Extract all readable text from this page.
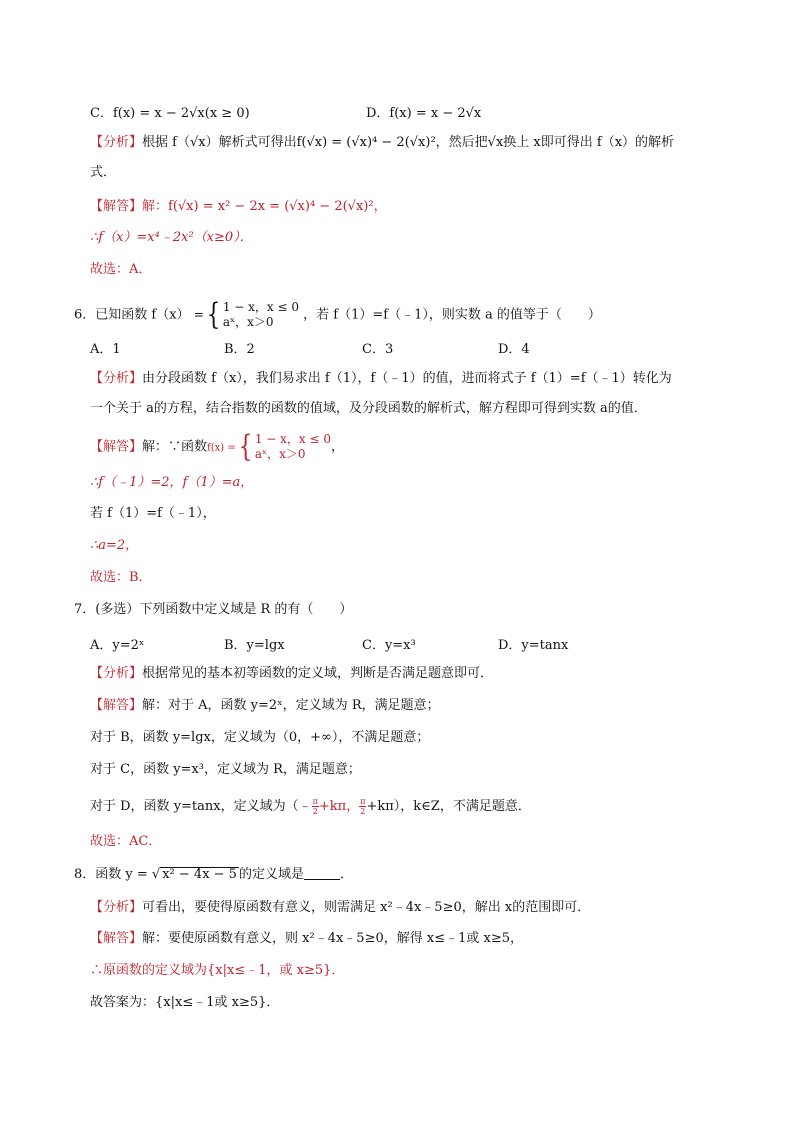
C．f(x) = x − 2√x(x ≥ 0)	D．f(x) = x − 2√x
【分析】根据 f（√x）解析式可得出f(√x) = (√x)⁴ − 2(√x)²，然后把√x换上 x即可得出 f（x）的解析
式．
【解答】解：f(√x) = x² − 2x = (√x)⁴ − 2(√x)²，
∴f（x）=x⁴﹣2x²（x≥0）．
故选：A．
6．已知函数 f（x） ={ 1 − x，x ≤ 0
aˣ，x＞0	，若 f（1）=f（﹣1），则实数 a 的值等于（　　）
A．1	B．2	C．3	D．4
【分析】由分段函数 f（x），我们易求出 f（1），f（﹣1）的值，进而将式子 f（1）=f（﹣1）转化为
一个关于 a的方程，结合指数的函数的值域，及分段函数的解析式，解方程即可得到实数 a的值．
【解答】解：∵函数f(x) ={ 1 − x，x ≤ 0
aˣ，x＞0	，
∴f（﹣1）=2，f（1）=a，
若 f（1）=f（﹣1），
∴a=2，
故选：B．
7．(多选）下列函数中定义域是 R 的有（　　）
A．y=2ˣ	B．y=lgx	C．y=x³	D．y=tanx
【分析】根据常见的基本初等函数的定义域，判断是否满足题意即可．
【解答】解：对于 A，函数 y=2ˣ，定义域为 R，满足题意；
对于 B，函数 y=lgx，定义域为（0，+∞），不满足题意；
对于 C，函数 y=x³，定义域为 R，满足题意；
对于 D，函数 y=tanx，定义域为（﹣ $\frac{\pi}{2} +k\pi$， $\frac{\pi}{2} +k\pi$），k∈Z，不满足题意．
故选：AC．
8．函数 y = √ x² − 4x − 5 的定义域是	．
【分析】可看出，要使得原函数有意义，则需满足 x²﹣4x﹣5≥0，解出 x的范围即可．
【解答】解：要使原函数有意义，则 x²﹣4x﹣5≥0，解得 x≤﹣1或 x≥5，
∴原函数的定义域为{x|x≤﹣1，或 x≥5}．
故答案为：{x|x≤﹣1或 x≥5}．
